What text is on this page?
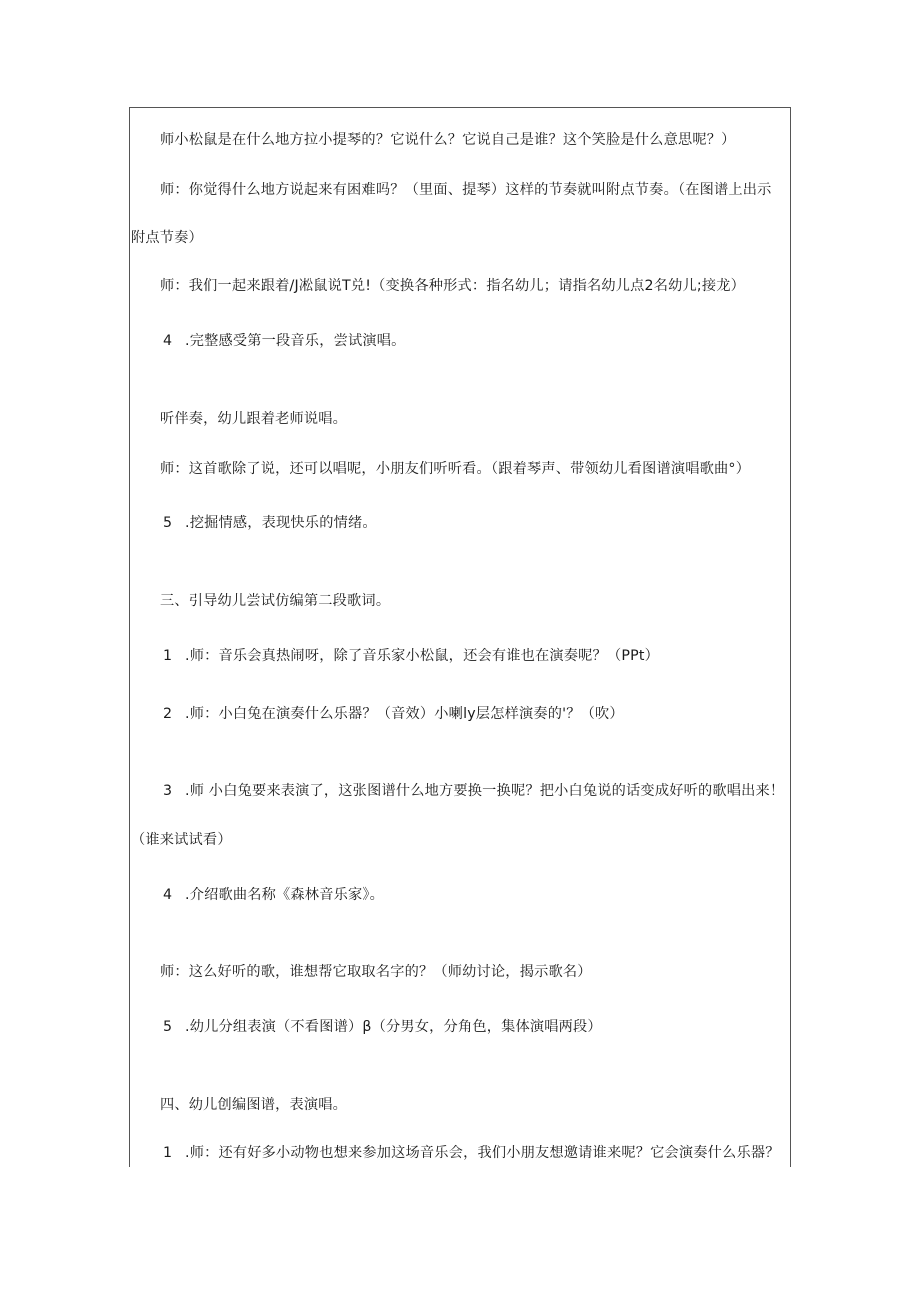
师小松鼠是在什么地方拉小提琴的？它说什么？它说自己是谁？这个笑脸是什么意思呢？）
师：你觉得什么地方说起来有困难吗？（里面、提琴）这样的节奏就叫附点节奏。（在图谱上出示
附点节奏）
师：我们一起来跟着/J凇鼠说T兑!（变换各种形式：指名幼儿；请指名幼儿点2名幼儿;接龙）
4 .完整感受第一段音乐，尝试演唱。
听伴奏，幼儿跟着老师说唱。
师：这首歌除了说，还可以唱呢，小朋友们听听看。（跟着琴声、带领幼儿看图谱演唱歌曲°）
5 .挖掘情感，表现快乐的情绪。
三、引导幼儿尝试仿编第二段歌词。
1 .师：音乐会真热闹呀，除了音乐家小松鼠，还会有谁也在演奏呢？（PPt）
2 .师：小白兔在演奏什么乐器？（音效）小喇ly层怎样演奏的'？（吹）
3 .师 小白兔要来表演了，这张图谱什么地方要换一换呢？把小白兔说的话变成好听的歌唱出来！
（谁来试试看）
4 .介绍歌曲名称《森林音乐家》。
师：这么好听的歌，谁想帮它取取名字的？（师幼讨论，揭示歌名）
5 .幼儿分组表演（不看图谱）β（分男女，分角色，集体演唱两段）
四、幼儿创编图谱，表演唱。
1 .师：还有好多小动物也想来参加这场音乐会，我们小朋友想邀请谁来呢？它会演奏什么乐器？
